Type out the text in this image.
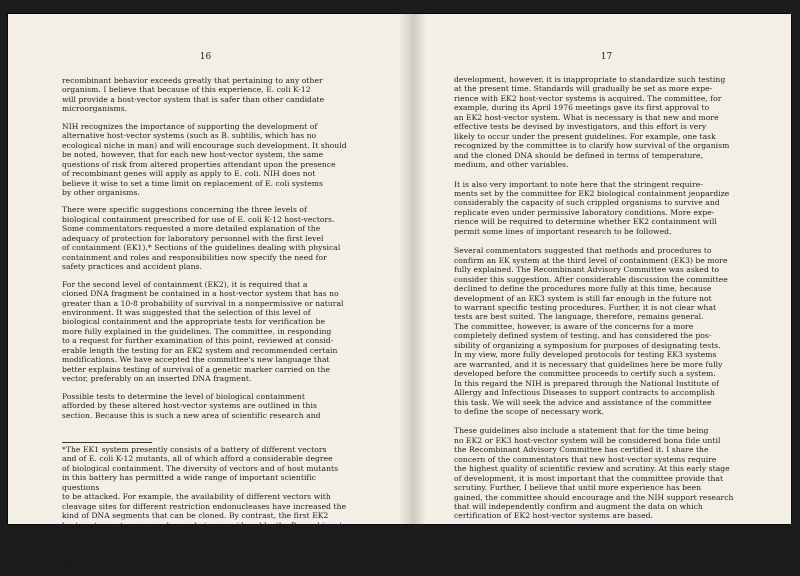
16

recombinant behavior exceeds greatly that pertaining to any other
organism. I believe that because of this experience, E. coli K-12
will provide a host-vector system that is safer than other candidate
microorganisms.

NIH recognizes the importance of supporting the development of
alternative host-vector systems (such as B. subtilis, which has no
ecological niche in man) and will encourage such development. It should
be noted, however, that for each new host-vector system, the same
questions of risk from altered properties attendant upon the presence
of recombinant genes will apply as apply to E. coli. NIH does not
believe it wise to set a time limit on replacement of E. coli systems
by other organisms.

There were specific suggestions concerning the three levels of
biological containment prescribed for use of E. coli K-12 host-vectors.
Some commentators requested a more detailed explanation of the
adequacy of protection for laboratory personnel with the first level
of containment (EK1).* Sections of the guidelines dealing with physical
containment and roles and responsibilities now specify the need for
safety practices and accident plans.

For the second level of containment (EK2), it is required that a
cloned DNA fragment be contained in a host-vector system that has no
greater than a 10-8 probability of survival in a nonpermissive or natural
environment. It was suggested that the selection of this level of
biological containment and the appropriate tests for verification be
more fully explained in the guidelines. The committee, in responding
to a request for further examination of this point, reviewed at consid-
erable length the testing for an EK2 system and recommended certain
modifications. We have accepted the committee's new language that
better explains testing of survival of a genetic marker carried on the
vector, preferably on an inserted DNA fragment.

Possible tests to determine the level of biological containment
afforded by these altered host-vector systems are outlined in this
section. Because this is such a new area of scientific research and

*The EK1 system presently consists of a battery of different vectors
and of E. coli K-12 mutants, all of which afford a considerable degree
of biological containment. The diversity of vectors and of host mutants
in this battery has permitted a wide range of important scientific questions
to be attacked. For example, the availability of different vectors with
cleavage sites for different restriction endonucleases have increased the
kind of DNA segments that can be cloned. By contrast, the first EK2
host-vector systems are only now being considered by the Recombinant
Advisory Committee. While NIH is supporting the development of more
EK2 host-vector systems, it is not expected that a battery equivalent
to that available for the EK1 system will be certified by the Recombinant
Advisory Committee in the near future.

17

development, however, it is inappropriate to standardize such testing
at the present time. Standards will gradually be set as more expe-
rience with EK2 host-vector systems is acquired. The committee, for
example, during its April 1976 meetings gave its first approval to
an EK2 host-vector system. What is necessary is that new and more
effective tests be devised by investigators, and this effort is very
likely to occur under the present guidelines. For example, one task
recognized by the committee is to clarify how survival of the organism
and the cloned DNA should be defined in terms of temperature,
medium, and other variables.

It is also very important to note here that the stringent require-
ments set by the committee for EK2 biological containment jeopardize
considerably the capacity of such crippled organisms to survive and
replicate even under permissive laboratory conditions. More expe-
rience will be required to determine whether EK2 containment will
permit some lines of important research to be followed.

Several commentators suggested that methods and procedures to
confirm an EK system at the third level of containment (EK3) be more
fully explained. The Recombinant Advisory Committee was asked to
consider this suggestion. After considerable discussion the committee
declined to define the procedures more fully at this time, because
development of an EK3 system is still far enough in the future not
to warrant specific testing procedures. Further, it is not clear what
tests are best suited. The language, therefore, remains general.
The committee, however, is aware of the concerns for a more
completely defined system of testing, and has considered the pos-
sibility of organizing a symposium for purposes of designating tests.
In my view, more fully developed protocols for testing EK3 systems
are warranted, and it is necessary that guidelines here be more fully
developed before the committee proceeds to certify such a system.
In this regard the NIH is prepared through the National Institute of
Allergy and Infectious Diseases to support contracts to accomplish
this task. We will seek the advice and assistance of the committee
to define the scope of necessary work.

These guidelines also include a statement that for the time being
no EK2 or EK3 host-vector system will be considered bona fide until
the Recombinant Advisory Committee has certified it. I share the
concern of the commentators that new host-vector systems require
the highest quality of scientific review and scrutiny. At this early stage
of development, it is most important that the committee provide that
scrutiny. Further, I believe that until more experience has been
gained, the committee should encourage and the NIH support research
that will independently confirm and augment the data on which
certification of EK2 host-vector systems are based.
